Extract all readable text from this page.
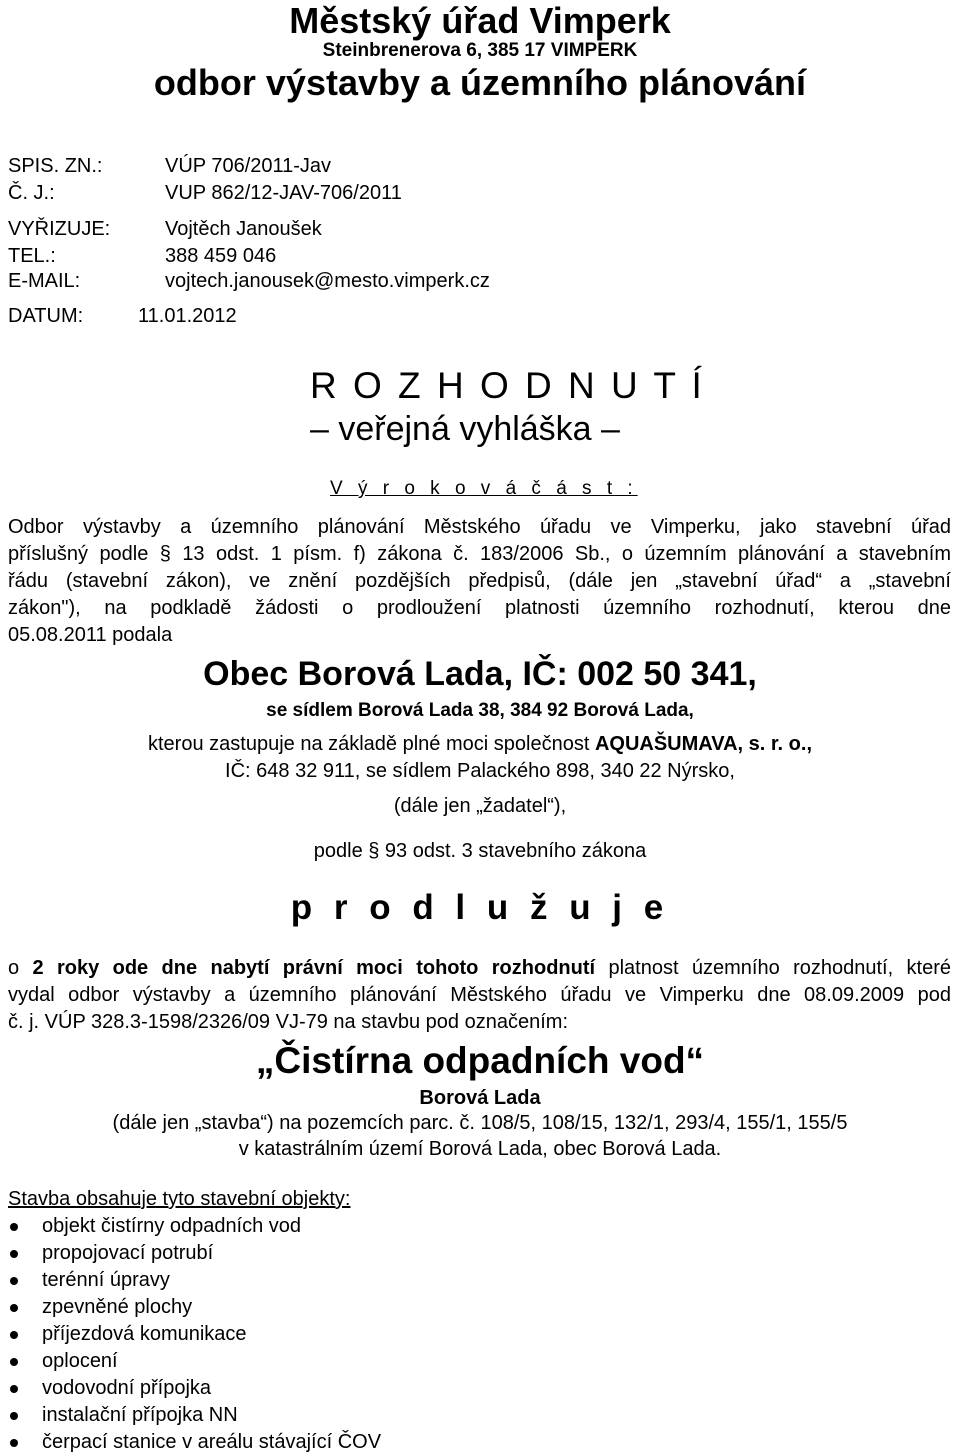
Městský úřad Vimperk
Steinbrenerova 6, 385 17 VIMPERK
odbor výstavby a územního plánování
SPIS. ZN.:	VÚP 706/2011-Jav
Č. J.:	VUP 862/12-JAV-706/2011
VYŘIZUJE:	Vojtěch Janoušek
TEL.:	388 459 046
E-MAIL:	vojtech.janousek@mesto.vimperk.cz
DATUM:	11.01.2012
R O Z H O D N U T Í
– veřejná vyhláška –
V ý r o k o v á č á s t :
Odbor výstavby a územního plánování Městského úřadu ve Vimperku, jako stavební úřad
příslušný podle § 13 odst. 1 písm. f) zákona č. 183/2006 Sb., o územním plánování a stavebním
řádu (stavební zákon), ve znění pozdějších předpisů, (dále jen „stavební úřad“ a „stavební
zákon"), na podkladě žádosti o prodloužení platnosti územního rozhodnutí, kterou dne
05.08.2011 podala
Obec Borová Lada, IČ: 002 50 341,
se sídlem Borová Lada 38, 384 92 Borová Lada,
kterou zastupuje na základě plné moci společnost AQUAŠUMAVA, s. r. o.,
IČ: 648 32 911, se sídlem Palackého 898, 340 22 Nýrsko,
(dále jen „žadatel“),
podle § 93 odst. 3 stavebního zákona
p r o d l u ž u j e
o 2 roky ode dne nabytí právní moci tohoto rozhodnutí platnost územního rozhodnutí, které
vydal odbor výstavby a územního plánování Městského úřadu ve Vimperku dne 08.09.2009 pod
č. j. VÚP 328.3-1598/2326/09 VJ-79 na stavbu pod označením:
„Čistírna odpadních vod“
Borová Lada
(dále jen „stavba“) na pozemcích parc. č. 108/5, 108/15, 132/1, 293/4, 155/1, 155/5
v katastrálním území Borová Lada, obec Borová Lada.
Stavba obsahuje tyto stavební objekty:
objekt čistírny odpadních vod
propojovací potrubí
terénní úpravy
zpevněné plochy
příjezdová komunikace
oplocení
vodovodní přípojka
instalační přípojka NN
čerpací stanice v areálu stávající ČOV
